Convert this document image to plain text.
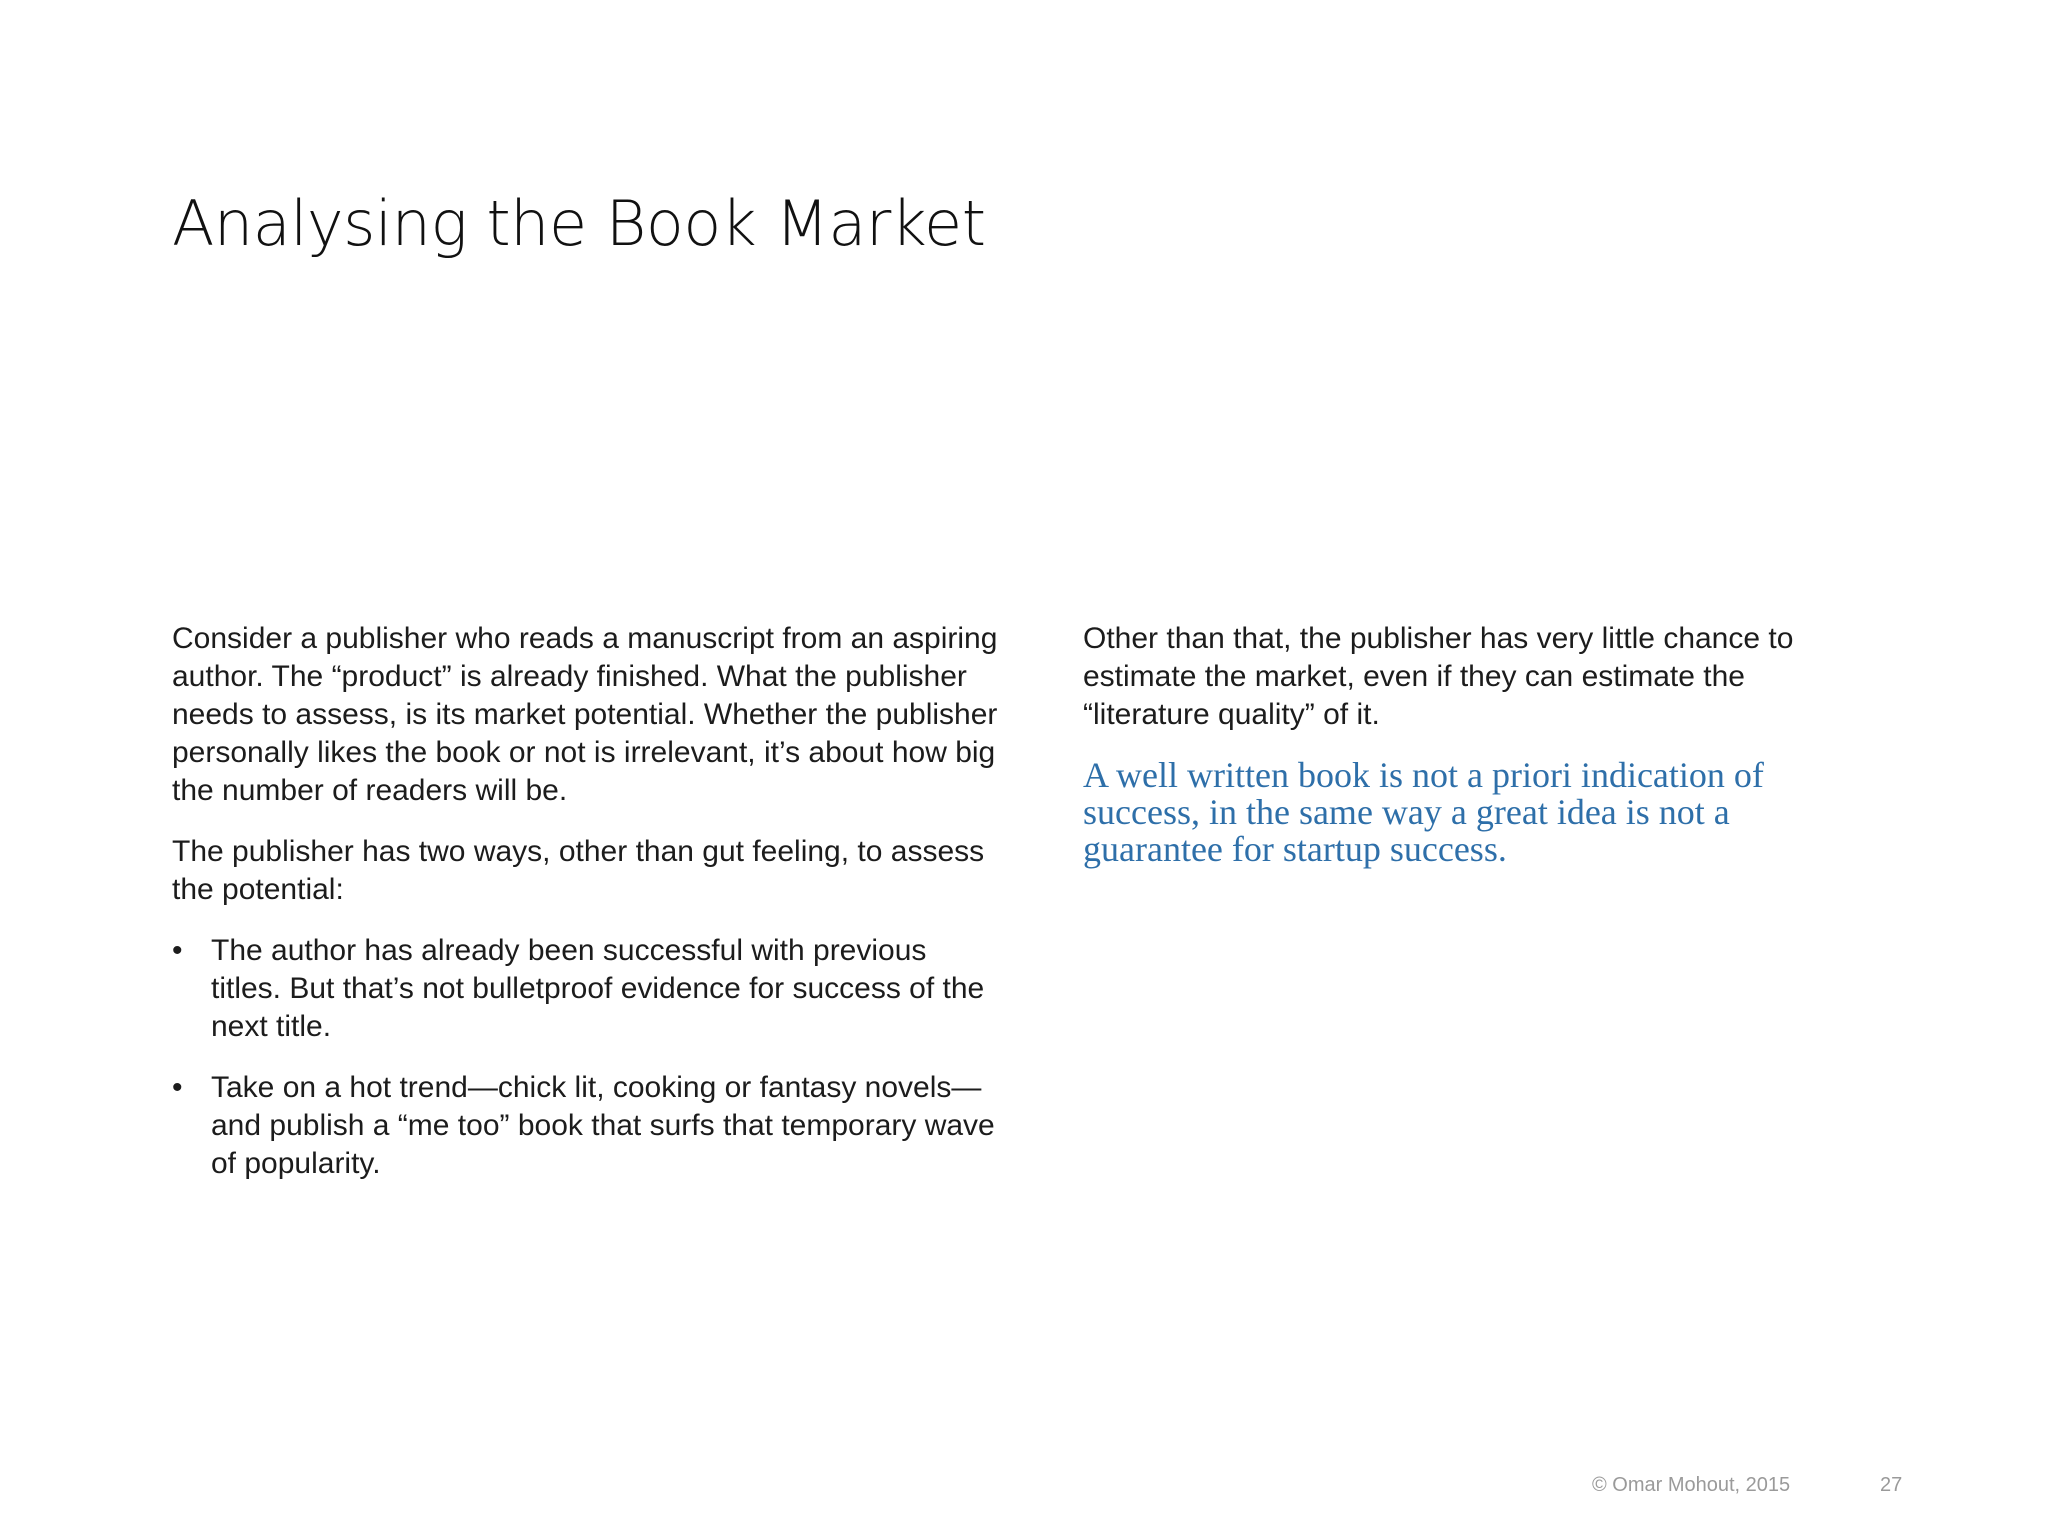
Analysing the Book Market

Consider a publisher who reads a manuscript from an aspiring author. The “product” is already finished. What the publisher needs to assess, is its market potential. Whether the publisher personally likes the book or not is irrelevant, it’s about how big the number of readers will be.

The publisher has two ways, other than gut feeling, to assess the potential:

• The author has already been successful with previous titles. But that’s not bulletproof evidence for success of the next title.
• Take on a hot trend—chick lit, cooking or fantasy novels—and publish a “me too” book that surfs that temporary wave of popularity.

Other than that, the publisher has very little chance to estimate the market, even if they can estimate the “literature quality” of it.

A well written book is not a priori indication of success, in the same way a great idea is not a guarantee for startup success.
© Omar Mohout, 2015	27
